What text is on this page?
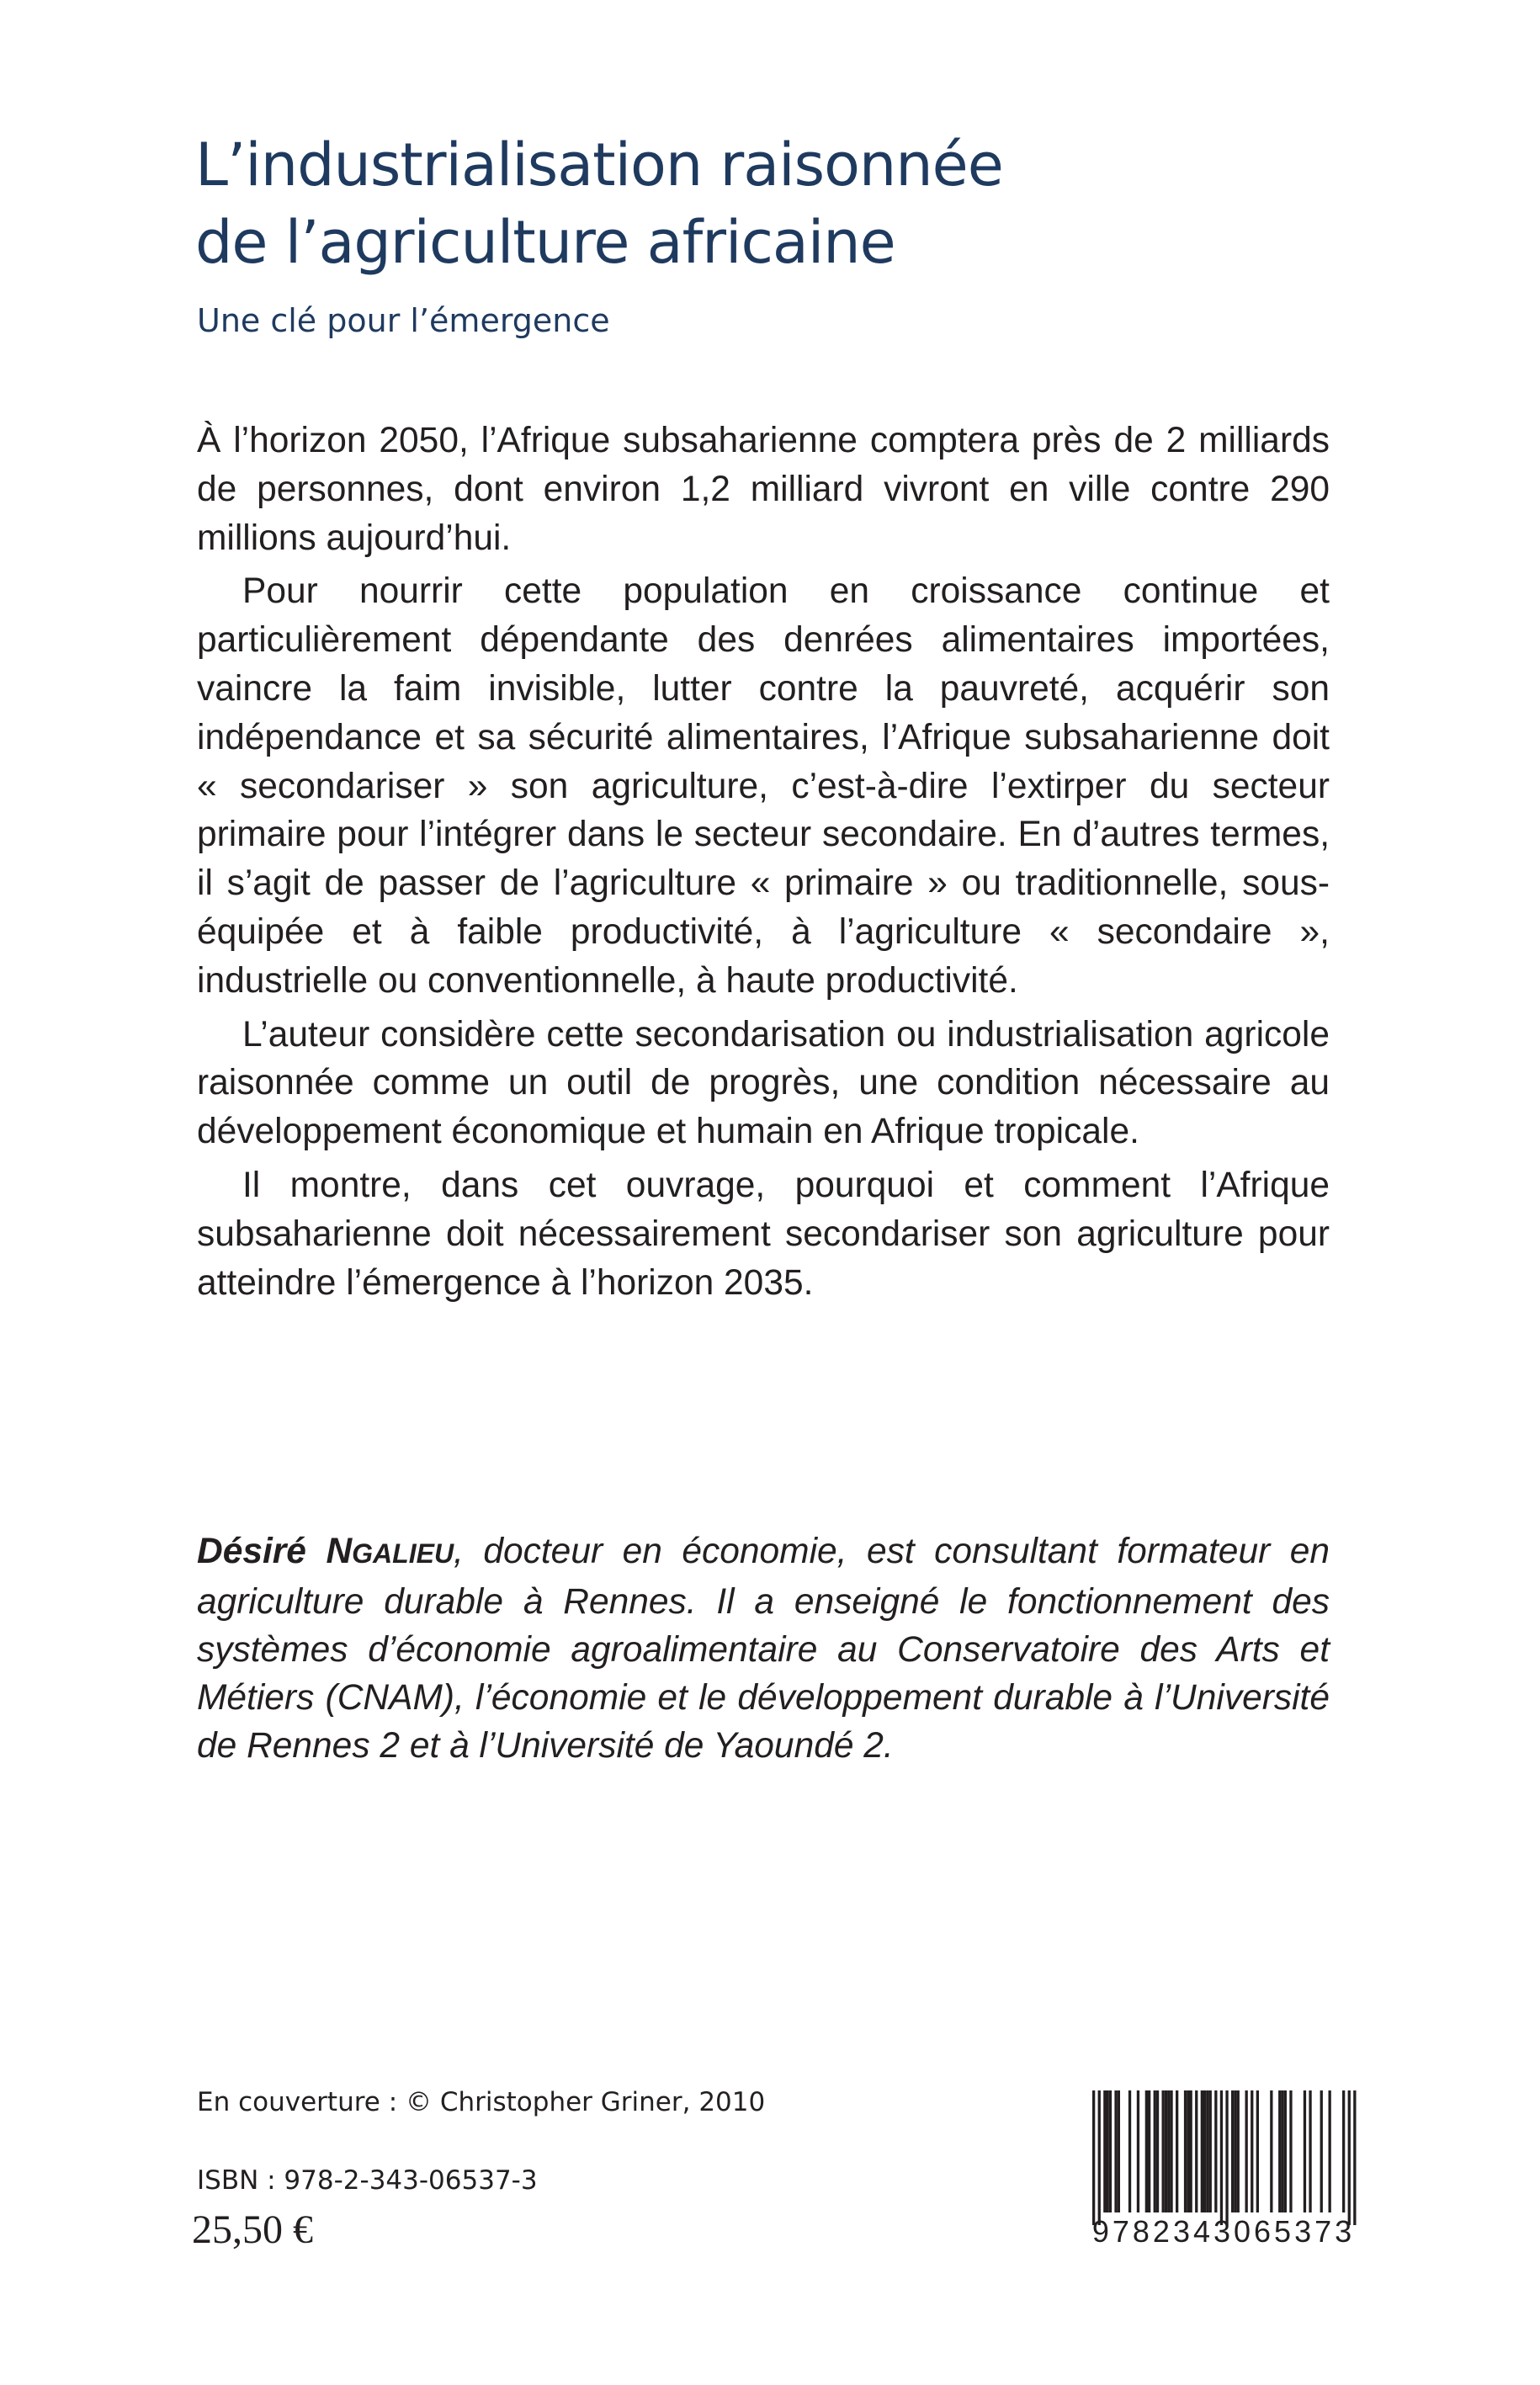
L’industrialisation raisonnée
de l’agriculture africaine

Une clé pour l’émergence

À l’horizon 2050, l’Afrique subsaharienne comptera près de 2 milliards de personnes, dont environ 1,2 milliard vivront en ville contre 290 millions aujourd’hui.

Pour nourrir cette population en croissance continue et particulièrement dépendante des denrées alimentaires importées, vaincre la faim invisible, lutter contre la pauvreté, acquérir son indépendance et sa sécurité alimentaires, l’Afrique subsaharienne doit « secondariser » son agriculture, c’est-à-dire l’extirper du secteur primaire pour l’intégrer dans le secteur secondaire. En d’autres termes, il s’agit de passer de l’agriculture « primaire » ou traditionnelle, sous-équipée et à faible productivité, à l’agriculture « secondaire », industrielle ou conventionnelle, à haute productivité.

L’auteur considère cette secondarisation ou industrialisation agricole raisonnée comme un outil de progrès, une condition nécessaire au développement économique et humain en Afrique tropicale.

Il montre, dans cet ouvrage, pourquoi et comment l’Afrique subsaharienne doit nécessairement secondariser son agriculture pour atteindre l’émergence à l’horizon 2035.

Désiré NGALIEU, docteur en économie, est consultant formateur en agriculture durable à Rennes. Il a enseigné le fonctionnement des systèmes d’économie agroalimentaire au Conservatoire des Arts et Métiers (CNAM), l’économie et le développement durable à l’Université de Rennes 2 et à l’Université de Yaoundé 2.

En couverture : © Christopher Griner, 2010

ISBN : 978-2-343-06537-3

25,50 €	9782343065373
